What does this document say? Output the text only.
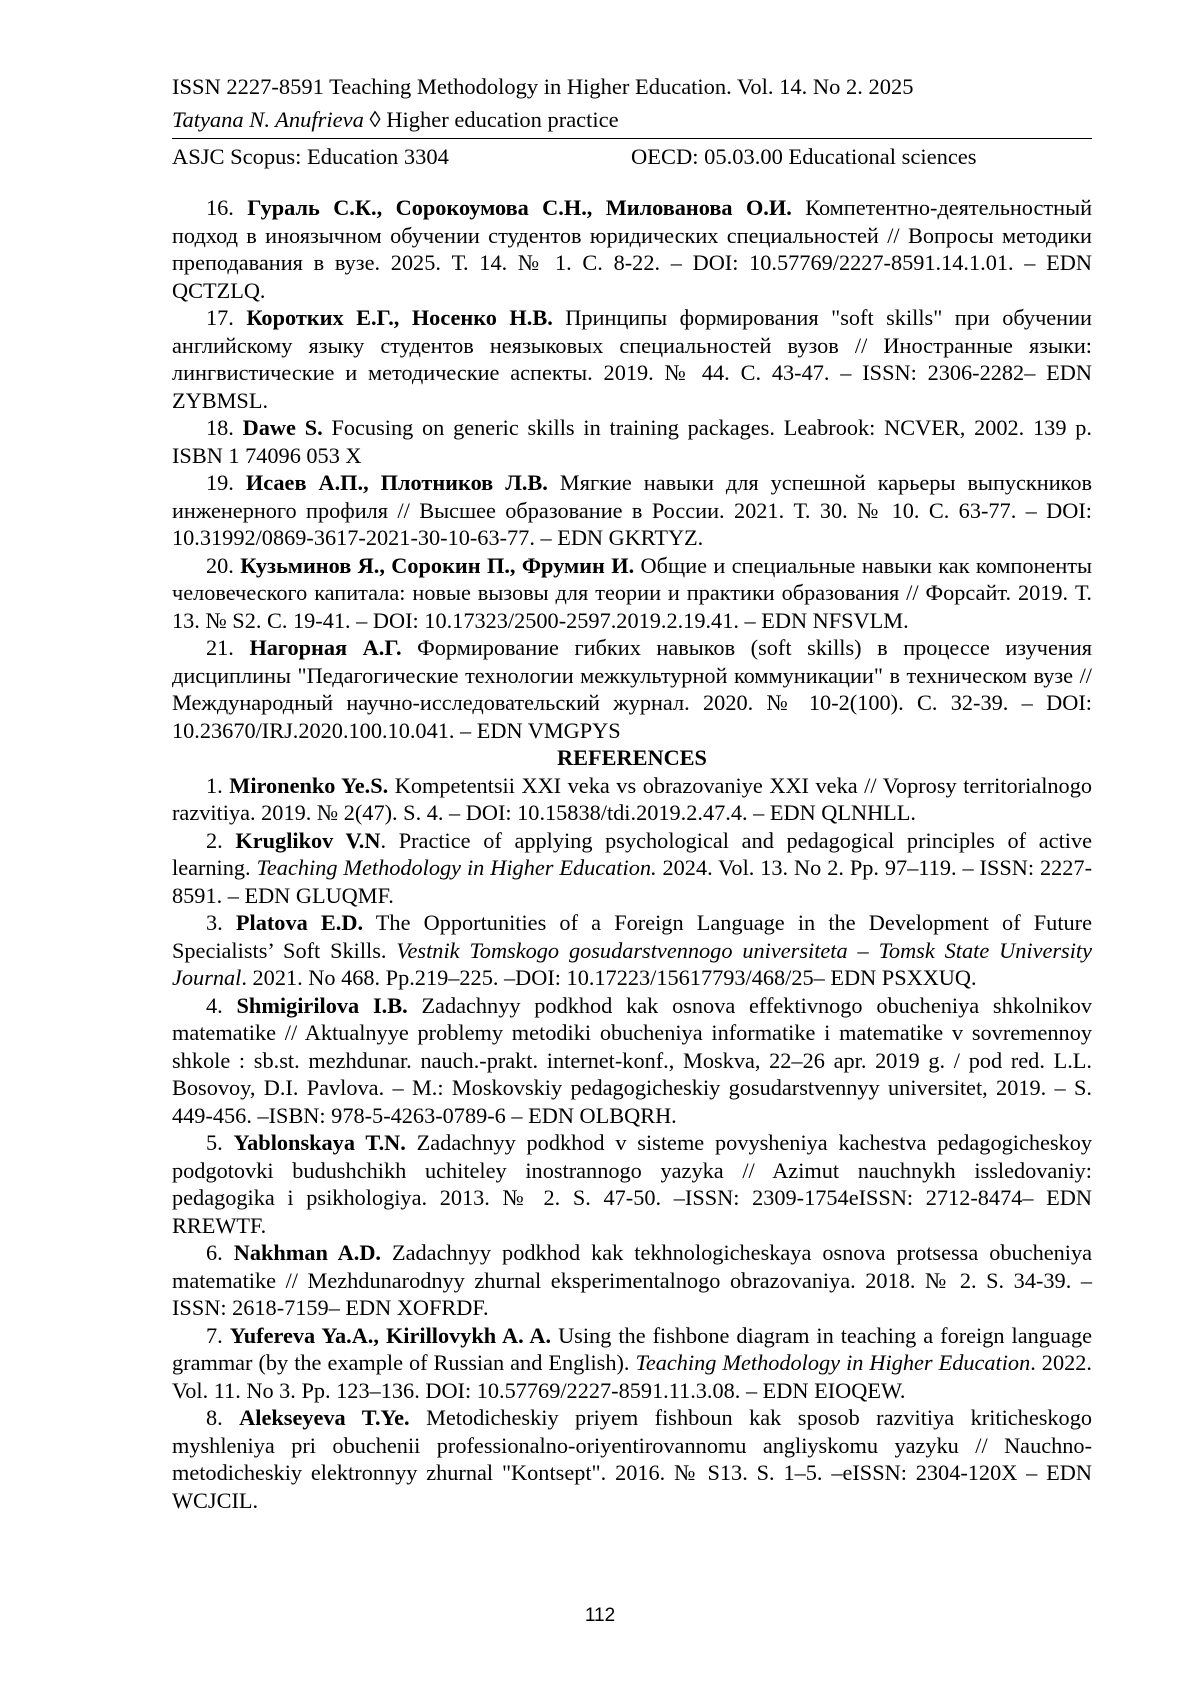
ISSN 2227-8591 Teaching Methodology in Higher Education. Vol. 14. No 2. 2025
Tatyana N. Anufrieva ◊ Higher education practice
ASJC Scopus: Education 3304	OECD: 05.03.00 Educational sciences

16. Гураль С.К., Сорокоумова С.Н., Милованова О.И. Компетентно-деятельностный подход в иноязычном обучении студентов юридических специальностей // Вопросы методики преподавания в вузе. 2025. Т. 14. № 1. С. 8-22. – DOI: 10.57769/2227-8591.14.1.01. – EDN QCTZLQ.

17. Коротких Е.Г., Носенко Н.В. Принципы формирования "soft skills" при обучении английскому языку студентов неязыковых специальностей вузов // Иностранные языки: лингвистические и методические аспекты. 2019. № 44. С. 43-47. – ISSN: 2306-2282– EDN ZYBMSL.

18. Dawe S. Focusing on generic skills in training packages. Leabrook: NCVER, 2002. 139 p. ISBN 1 74096 053 X

19. Исаев А.П., Плотников Л.В. Мягкие навыки для успешной карьеры выпускников инженерного профиля // Высшее образование в России. 2021. Т. 30. № 10. С. 63-77. – DOI: 10.31992/0869-3617-2021-30-10-63-77. – EDN GKRTYZ.

20. Кузьминов Я., Сорокин П., Фрумин И. Общие и специальные навыки как компоненты человеческого капитала: новые вызовы для теории и практики образования // Форсайт. 2019. Т. 13. № S2. С. 19-41. – DOI: 10.17323/2500-2597.2019.2.19.41. – EDN NFSVLM.

21. Нагорная А.Г. Формирование гибких навыков (soft skills) в процессе изучения дисциплины "Педагогические технологии межкультурной коммуникации" в техническом вузе // Международный научно-исследовательский журнал. 2020. № 10-2(100). С. 32-39. – DOI: 10.23670/IRJ.2020.100.10.041. – EDN VMGPYS

REFERENCES

1. Mironenko Ye.S. Kompetentsii XXI veka vs obrazovaniye XXI veka // Voprosy territorialnogo razvitiya. 2019. № 2(47). S. 4. – DOI: 10.15838/tdi.2019.2.47.4. – EDN QLNHLL.

2. Kruglikov V.N. Practice of applying psychological and pedagogical principles of active learning. Teaching Methodology in Higher Education. 2024. Vol. 13. No 2. Pp. 97–119. – ISSN: 2227-8591. – EDN GLUQMF.

3. Platova E.D. The Opportunities of a Foreign Language in the Development of Future Specialists’ Soft Skills. Vestnik Tomskogo gosudarstvennogo universiteta – Tomsk State University Journal. 2021. No 468. Pp.219–225. –DOI: 10.17223/15617793/468/25– EDN PSXXUQ.

4. Shmigirilova I.B. Zadachnyy podkhod kak osnova effektivnogo obucheniya shkolnikov matematike // Aktualnyye problemy metodiki obucheniya informatike i matematike v sovremennoy shkole : sb.st. mezhdunar. nauch.-prakt. internet-konf., Moskva, 22–26 apr. 2019 g. / pod red. L.L. Bosovoy, D.I. Pavlova. – M.: Moskovskiy pedagogicheskiy gosudarstvennyy universitet, 2019. – S. 449-456. –ISBN: 978-5-4263-0789-6 – EDN OLBQRH.

5. Yablonskaya T.N. Zadachnyy podkhod v sisteme povysheniya kachestva pedagogicheskoy podgotovki budushchikh uchiteley inostrannogo yazyka // Azimut nauchnykh issledovaniy: pedagogika i psikhologiya. 2013. № 2. S. 47-50. –ISSN: 2309-1754eISSN: 2712-8474– EDN RREWTF.

6. Nakhman A.D. Zadachnyy podkhod kak tekhnologicheskaya osnova protsessa obucheniya matematike // Mezhdunarodnyy zhurnal eksperimentalnogo obrazovaniya. 2018. № 2. S. 34-39. –ISSN: 2618-7159– EDN XOFRDF.

7. Yufereva Ya.A., Kirillovykh A. A. Using the fishbone diagram in teaching a foreign language grammar (by the example of Russian and English). Teaching Methodology in Higher Education. 2022. Vol. 11. No 3. Pp. 123–136. DOI: 10.57769/2227-8591.11.3.08. – EDN EIOQEW.

8. Alekseyeva T.Ye. Metodicheskiy priyem fishboun kak sposob razvitiya kriticheskogo myshleniya pri obuchenii professionalno-oriyentirovannomu angliyskomu yazyku // Nauchno-metodicheskiy elektronnyy zhurnal "Kontsept". 2016. № S13. S. 1–5. –eISSN: 2304-120X – EDN WCJCIL.

112
